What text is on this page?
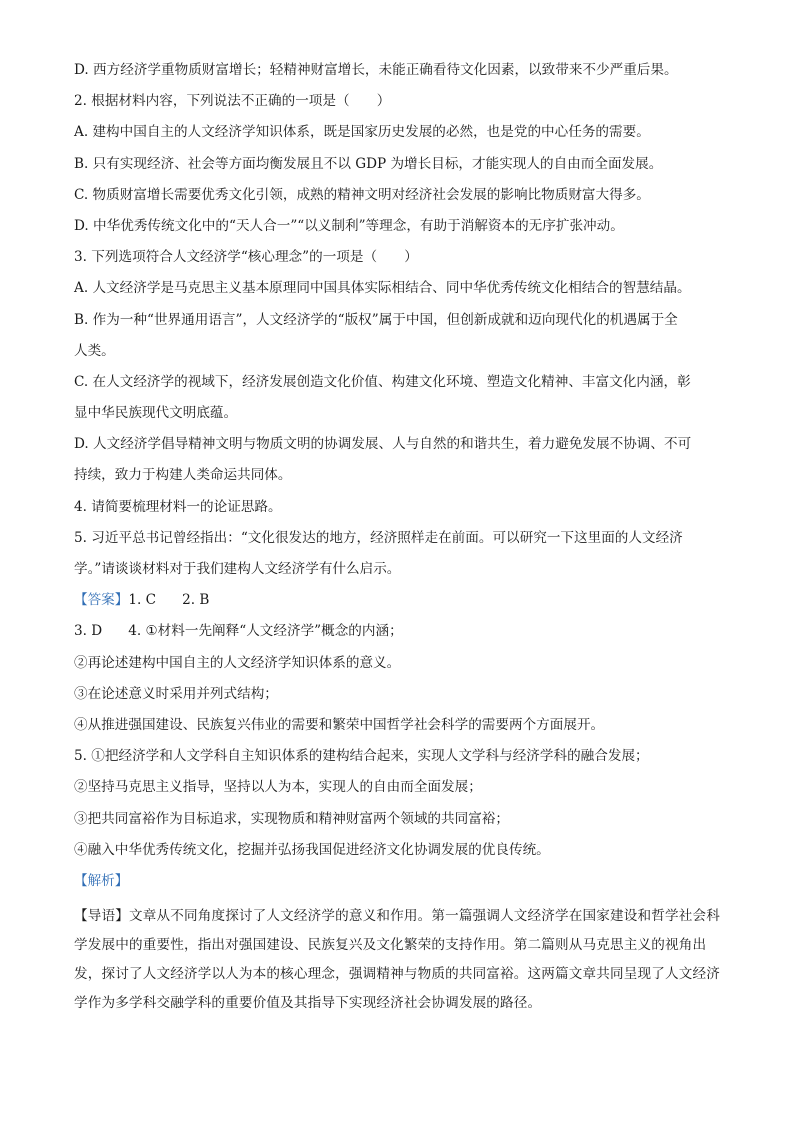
D. 西方经济学重物质财富增长；轻精神财富增长，未能正确看待文化因素，以致带来不少严重后果。
2. 根据材料内容，下列说法不正确的一项是（　　）
A. 建构中国自主的人文经济学知识体系，既是国家历史发展的必然，也是党的中心任务的需要。
B. 只有实现经济、社会等方面均衡发展且不以 GDP 为增长目标，才能实现人的自由而全面发展。
C. 物质财富增长需要优秀文化引领，成熟的精神文明对经济社会发展的影响比物质财富大得多。
D. 中华优秀传统文化中的“天人合一”“以义制利”等理念，有助于消解资本的无序扩张冲动。
3. 下列选项符合人文经济学“核心理念”的一项是（　　）
A. 人文经济学是马克思主义基本原理同中国具体实际相结合、同中华优秀传统文化相结合的智慧结晶。
B. 作为一种“世界通用语言”，人文经济学的“版权”属于中国，但创新成就和迈向现代化的机遇属于全
人类。
C. 在人文经济学的视域下，经济发展创造文化价值、构建文化环境、塑造文化精神、丰富文化内涵，彰
显中华民族现代文明底蕴。
D. 人文经济学倡导精神文明与物质文明的协调发展、人与自然的和谐共生，着力避免发展不协调、不可
持续，致力于构建人类命运共同体。
4. 请简要梳理材料一的论证思路。
5. 习近平总书记曾经指出：“文化很发达的地方，经济照样走在前面。可以研究一下这里面的人文经济
学。”请谈谈材料对于我们建构人文经济学有什么启示。
【答案】1. C 2. B
3. D 4. ①材料一先阐释“人文经济学”概念的内涵；
②再论述建构中国自主的人文经济学知识体系的意义。
③在论述意义时采用并列式结构；
④从推进强国建设、民族复兴伟业的需要和繁荣中国哲学社会科学的需要两个方面展开。
5. ①把经济学和人文学科自主知识体系的建构结合起来，实现人文学科与经济学科的融合发展；
②坚持马克思主义指导，坚持以人为本，实现人的自由而全面发展；
③把共同富裕作为目标追求，实现物质和精神财富两个领域的共同富裕；
④融入中华优秀传统文化，挖掘并弘扬我国促进经济文化协调发展的优良传统。
【解析】
【导语】文章从不同角度探讨了人文经济学的意义和作用。第一篇强调人文经济学在国家建设和哲学社会科学发展中的重要性，指出对强国建设、民族复兴及文化繁荣的支持作用。第二篇则从马克思主义的视角出发，探讨了人文经济学以人为本的核心理念，强调精神与物质的共同富裕。这两篇文章共同呈现了人文经济学作为多学科交融学科的重要价值及其指导下实现经济社会协调发展的路径。
